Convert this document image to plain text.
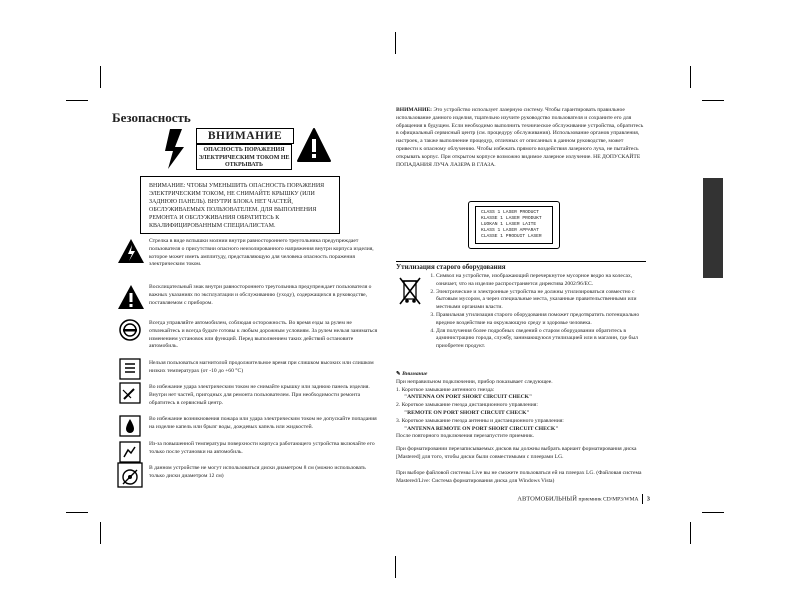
Безопасность
ВНИМАНИЕ
ОПАСНОСТЬ ПОРАЖЕНИЯ ЭЛЕКТРИЧЕСКИМ ТОКОМ НЕ ОТКРЫВАТЬ
ВНИМАНИЕ: ЧТОБЫ УМЕНЬШИТЬ ОПАСНОСТЬ ПОРАЖЕНИЯ ЭЛЕКТРИЧЕСКИМ ТОКОМ, НЕ СНИМАЙТЕ КРЫШКУ (ИЛИ ЗАДНЮЮ ПАНЕЛЬ). ВНУТРИ БЛОКА НЕТ ЧАСТЕЙ, ОБСЛУЖИВАЕМЫХ ПОЛЬЗОВАТЕЛЕМ. ДЛЯ ВЫПОЛНЕНИЯ РЕМОНТА И ОБСЛУЖИВАНИЯ ОБРАТИТЕСЬ К КВАЛИФИЦИРОВАННЫМ СПЕЦИАЛИСТАМ.
Стрелка в виде вспышки молнии внутри равностороннего треугольника предупреждает пользователя о присутствии опасного неизолированного напряжения внутри корпуса изделия, которое может иметь амплитуду, представляющую для человека опасность поражения электрическим током.
Восклицательный знак внутри равностороннего треугольника предупреждает пользователя о важных указаниях по эксплуатации и обслуживанию (уходу), содержащихся в руководстве, поставляемом с прибором.
Всегда управляйте автомобилем, соблюдая осторожность. Во время езды за рулем не отвлекайтесь и всегда будьте готовы к любым дорожным условиям. За рулем нельзя заниматься изменением установок или функций. Перед выполнением таких действий остановите автомобиль.
Нельзя пользоваться магнитолой продолжительное время при слишком высоких или слишком низких температурах (от -10 до +60 °C)
Во избежание удара электрическим током не снимайте крышку или заднюю панель изделия. Внутри нет частей, пригодных для ремонта пользователем. При необходимости ремонта обратитесь в сервисный центр.
Во избежание возникновения пожара или удара электрическим током не допускайте попадания на изделие капель или брызг воды, дождевых капель или жидкостей.
Из-за повышенной температуры поверхности корпуса работающего устройства включайте его только после установки на автомобиль.
В данном устройстве не могут использоваться диски диаметром 8 см (можно использовать только диски диаметром 12 см)
ВНИМАНИЕ: Это устройство использует лазерную систему. Чтобы гарантировать правильное использование данного изделия, тщательно изучите руководство пользователя и сохраните его для обращения в будущем. Если необходимо выполнить техническое обслуживание устройства, обратитесь в официальный сервисный центр (см. процедуру обслуживания). Использование органов управления, настроек, а также выполнение процедур, отличных от описанных в данном руководстве, может привести к опасному облучению. Чтобы избежать прямого воздействия лазерного луча, не пытайтесь открывать корпус. При открытом корпусе возможно видимое лазерное излучение. НЕ ДОПУСКАЙТЕ ПОПАДАНИЯ ЛУЧА ЛАЗЕРА В ГЛАЗА.
CLASS 1 LASER PRODUCT
KLASSE 1 LASER PRODUKT
LUOKAN 1 LASER LAITE
KLASS 1 LASER APPARAT
CLASSE 1 PRODUIT LASER
Утилизация старого оборудования
1. Символ на устройстве, изображающий перечеркнутое мусорное ведро на колесах, означает, что на изделие распространяется директива 2002/96/EC.
2. Электрические и электронные устройства не должны утилизироваться совместно с бытовым мусором, а через специальные места, указанные правительственными или местными органами власти.
3. Правильная утилизация старого оборудования поможет предотвратить потенциально вредное воздействие на окружающую среду и здоровье человека.
4. Для получения более подробных сведений о старом оборудовании обратитесь в администрацию города, службу, занимающуюся утилизацией или в магазин, где был приобретен продукт.
✎ Внимание
При неправильном подключении, прибор показывает следующее.
1. Короткое замыкание антенного гнезда:
"ANTENNA ON PORT SHORT CIRCUIT CHECK"
2. Короткое замыкание гнезда дистанционного управления:
"REMOTE ON PORT SHORT CIRCUIT CHECK"
3. Короткое замыкание гнезда антенны и дистанционного управления:
"ANTENNA REMOTE ON PORT SHORT CIRCUIT CHECK"
После повторного подключения перезапустите приемник.
При форматировании перезаписываемых дисков вы должны выбрать вариант форматирования диска [Mastered] для того, чтобы диски были совместимыми с плеерами LG.
При выборе файловой системы Live вы не сможете пользоваться ей на плеерах LG. (Файловая система Mastered/Live: Система форматирования диска для Windows Vista)
АВТОМОБИЛЬНЫЙ приемник CD/MP3/WMA 3
